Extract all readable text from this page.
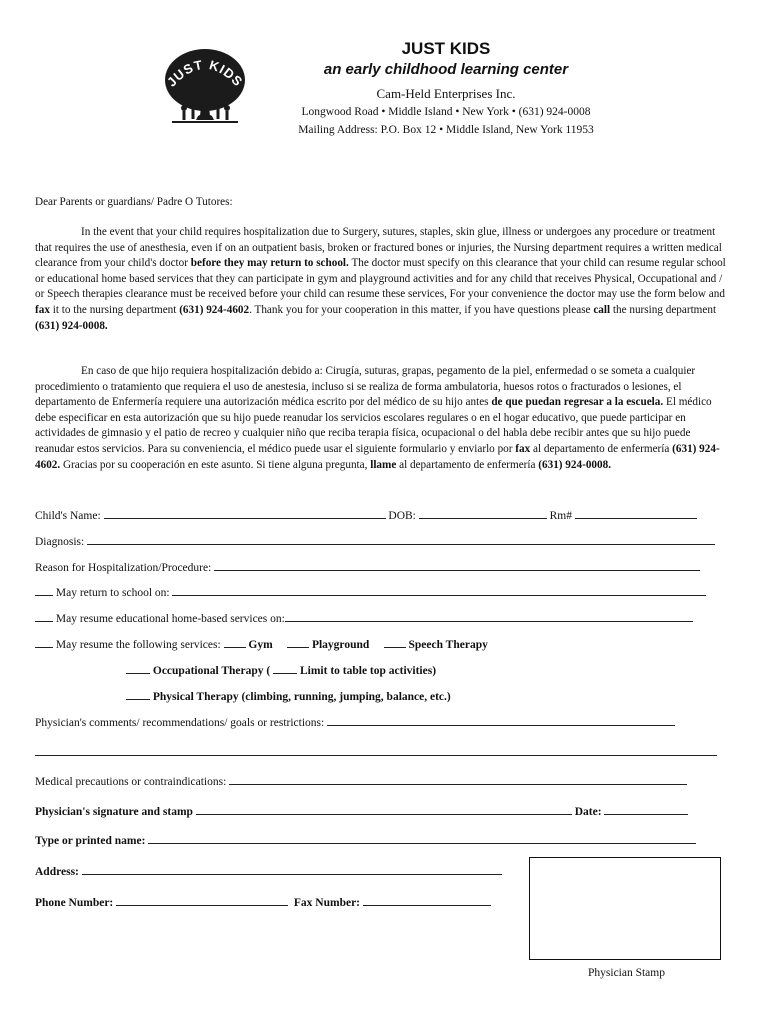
JUST KIDS
JUST KIDS
an early childhood learning center
Cam-Held Enterprises Inc.
Longwood Road • Middle Island • New York • (631) 924-0008
Mailing Address: P.O. Box 12 • Middle Island, New York 11953
Dear Parents or guardians/ Padre O Tutores:

In the event that your child requires hospitalization due to Surgery, sutures, staples, skin glue, illness or undergoes any procedure or treatment that requires the use of anesthesia, even if on an outpatient basis, broken or fractured bones or injuries, the Nursing department requires a written medical clearance from your child's doctor before they may return to school. The doctor must specify on this clearance that your child can resume regular school or educational home based services that they can participate in gym and playground activities and for any child that receives Physical, Occupational and / or Speech therapies clearance must be received before your child can resume these services, For your convenience the doctor may use the form below and fax it to the nursing department (631) 924-4602. Thank you for your cooperation in this matter, if you have questions please call the nursing department (631) 924-0008.

En caso de que hijo requiera hospitalización debido a: Cirugía, suturas, grapas, pegamento de la piel, enfermedad o se someta a cualquier procedimiento o tratamiento que requiera el uso de anestesia, incluso si se realiza de forma ambulatoria, huesos rotos o fracturados o lesiones, el departamento de Enfermería requiere una autorización médica escrito por del médico de su hijo antes de que puedan regresar a la escuela. El médico debe especificar en esta autorización que su hijo puede reanudar los servicios escolares regulares o en el hogar educativo, que puede participar en actividades de gimnasio y el patio de recreo y cualquier niño que reciba terapia física, ocupacional o del habla debe recibir antes que su hijo puede reanudar estos servicios. Para su conveniencia, el médico puede usar el siguiente formulario y enviarlo por fax al departamento de enfermería (631) 924-4602. Gracias por su cooperación en este asunto. Si tiene alguna pregunta, llame al departamento de enfermería (631) 924-0008.

Child's Name:	DOB:	Rm#
Diagnosis:
Reason for Hospitalization/Procedure:
May return to school on:
May resume educational home-based services on:
May resume the following services: Gym	Playground	Speech Therapy
Occupational Therapy (	Limit to table top activities)
Physical Therapy (climbing, running, jumping, balance, etc.)
Physician's comments/ recommendations/ goals or restrictions:
Medical precautions or contraindications:
Physician's signature and stamp	Date:
Type or printed name:
Address:
Phone Number:	Fax Number:
Physician Stamp
